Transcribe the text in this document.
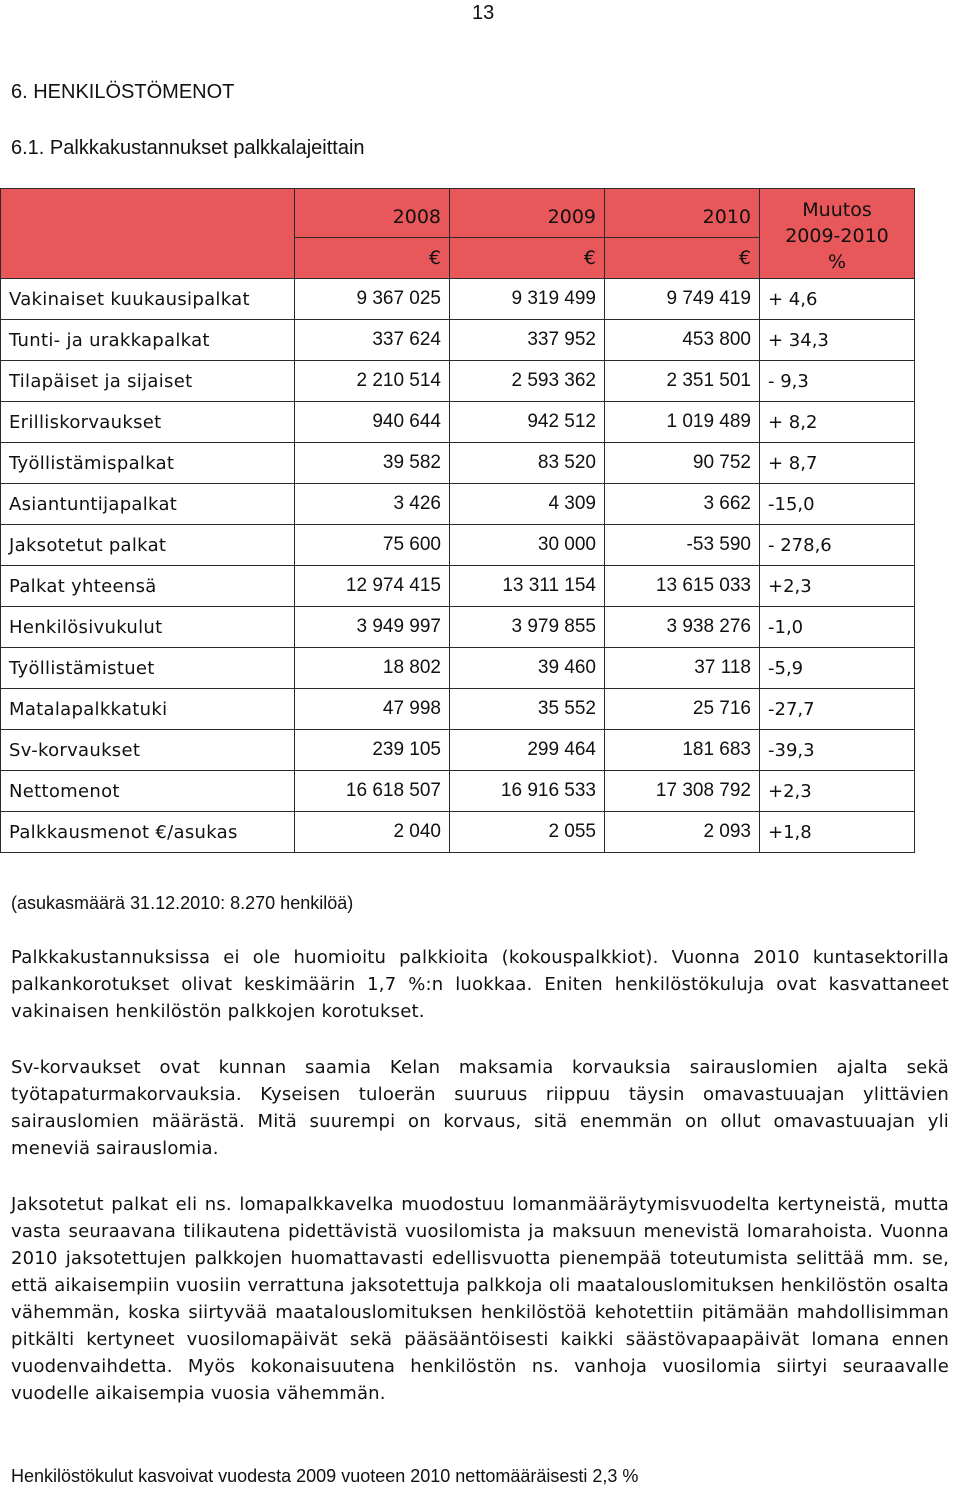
13
6. HENKILÖSTÖMENOT
6.1. Palkkakustannukset palkkalajeittain
	2008	2009	2010	Muutos
2009-2010
%

	€	€	€	
Vakinaiset kuukausipalkat	9 367 025	9 319 499	9 749 419	+ 4,6
Tunti- ja urakkapalkat	337 624	337 952	453 800	+ 34,3
Tilapäiset ja sijaiset	2 210 514	2 593 362	2 351 501	- 9,3
Erilliskorvaukset	940 644	942 512	1 019 489	+ 8,2
Työllistämispalkat	39 582	83 520	90 752	+ 8,7
Asiantuntijapalkat	3 426	4 309	3 662	-15,0
Jaksotetut palkat	75 600	30 000	-53 590	- 278,6
Palkat yhteensä	12 974 415	13 311 154	13 615 033	+2,3
Henkilösivukulut	3 949 997	3 979 855	3 938 276	-1,0
Työllistämistuet	18 802	39 460	37 118	-5,9
Matalapalkkatuki	47 998	35 552	25 716	-27,7
Sv-korvaukset	239 105	299 464	181 683	-39,3
Nettomenot	16 618 507	16 916 533	17 308 792	+2,3
Palkkausmenot €/asukas	2 040	2 055	2 093	+1,8
(asukasmäärä 31.12.2010: 8.270 henkilöä)
Palkkakustannuksissa ei ole huomioitu palkkioita (kokouspalkkiot). Vuonna 2010 kuntasektorilla palkankorotukset olivat keskimäärin 1,7 %:n luokkaa. Eniten henkilöstökuluja ovat kasvattaneet vakinaisen henkilöstön palkkojen korotukset.
Sv-korvaukset ovat kunnan saamia Kelan maksamia korvauksia sairauslomien ajalta sekä työtapaturmakorvauksia. Kyseisen tuloerän suuruus riippuu täysin omavastuuajan ylittävien sairauslomien määrästä. Mitä suurempi on korvaus, sitä enemmän on ollut omavastuuajan yli meneviä sairauslomia.
Jaksotetut palkat eli ns. lomapalkkavelka muodostuu lomanmääräytymisvuodelta kertyneistä, mutta vasta seuraavana tilikautena pidettävistä vuosilomista ja maksuun menevistä lomarahoista. Vuonna 2010 jaksotettujen palkkojen huomattavasti edellisvuotta pienempää toteutumista selittää mm. se, että aikaisempiin vuosiin verrattuna jaksotettuja palkkoja oli maatalouslomituksen henkilöstön osalta vähemmän, koska siirtyvää maatalouslomituksen henkilöstöä kehotettiin pitämään mahdollisimman pitkälti kertyneet vuosilomapäivät sekä pääsääntöisesti kaikki säästövapaapäivät lomana ennen vuodenvaihdetta. Myös kokonaisuutena henkilöstön ns. vanhoja vuosilomia siirtyi seuraavalle vuodelle aikaisempia vuosia vähemmän.
Henkilöstökulut kasvoivat vuodesta 2009 vuoteen 2010 nettomääräisesti 2,3 %
